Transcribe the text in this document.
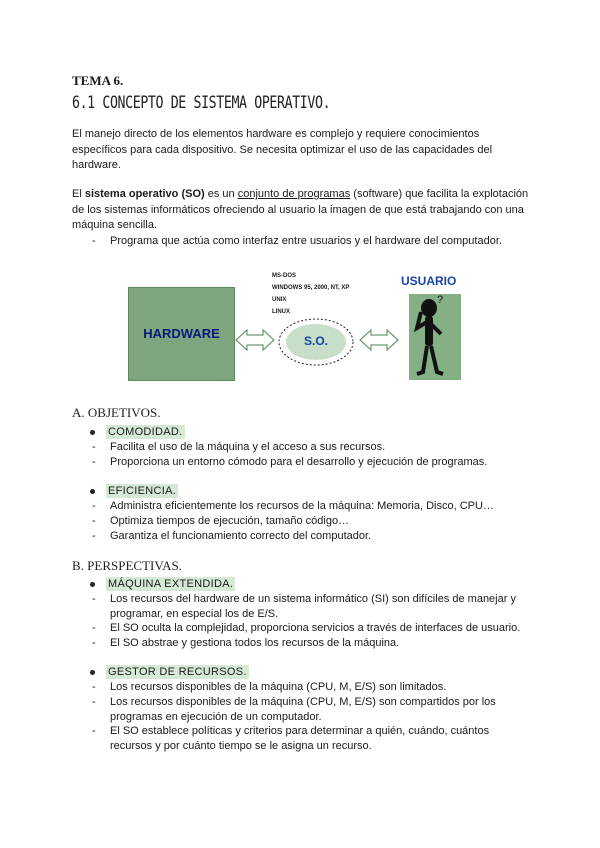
TEMA 6.
6.1 CONCEPTO DE SISTEMA OPERATIVO.
El manejo directo de los elementos hardware es complejo y requiere conocimientos específicos para cada dispositivo. Se necesita optimizar el uso de las capacidades del hardware.
El sistema operativo (SO) es un conjunto de programas (software) que facilita la explotación de los sistemas informáticos ofreciendo al usuario la imagen de que está trabajando con una máquina sencilla.
- Programa que actúa como interfaz entre usuarios y el hardware del computador.
HARDWARE	S.O.
MS-DOS
WINDOWS 95, 2000, NT, XP
UNIX
LINUX
USUARIO
?
A. OBJETIVOS.
COMODIDAD.
- Facilita el uso de la máquina y el acceso a sus recursos.
- Proporciona un entorno cómodo para el desarrollo y ejecución de programas.
EFICIENCIA.
- Administra eficientemente los recursos de la máquina: Memoria, Disco, CPU…
- Optimiza tiempos de ejecución, tamaño código…
- Garantiza el funcionamiento correcto del computador.
B. PERSPECTIVAS.
MÁQUINA EXTENDIDA.
- Los recursos del hardware de un sistema informático (SI) son difíciles de manejar y programar, en especial los de E/S.
- El SO oculta la complejidad, proporciona servicios a través de interfaces de usuario.
- El SO abstrae y gestiona todos los recursos de la máquina.
GESTOR DE RECURSOS.
- Los recursos disponibles de la máquina (CPU, M, E/S) son limitados.
- Los recursos disponibles de la máquina (CPU, M, E/S) son compartidos por los programas en ejecución de un computador.
- El SO establece políticas y criterios para determinar a quién, cuándo, cuántos recursos y por cuánto tiempo se le asigna un recurso.
